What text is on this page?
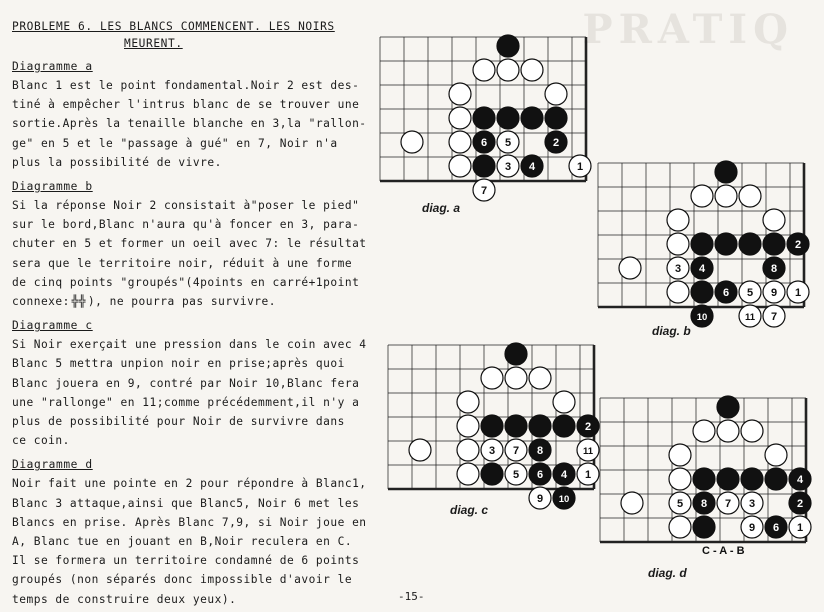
PRATIQ

PROBLEME 6. LES BLANCS COMMENCENT. LES NOIRS

MEURENT.

Diagramme a

Blanc 1 est le point fondamental.Noir 2 est des-

tiné à empêcher l'intrus blanc de se trouver une

sortie.Après la tenaille blanche en 3,la "rallon-

ge" en 5 et le "passage à gué" en 7, Noir n'a

plus la possibilité de vivre.

Diagramme b

Si la réponse Noir 2 consistait à"poser le pied"

sur le bord,Blanc n'aura qu'à foncer en 3, para-

chuter en 5 et former un oeil avec 7: le résultat

sera que le territoire noir, réduit à une forme

de cinq points "groupés"(4points en carré+1point

connexe: ╬╬ ), ne pourra pas survivre.

Diagramme c

Si Noir exerçait une pression dans le coin avec 4

Blanc 5 mettra unpion noir en prise;après quoi

Blanc jouera en 9, contré par Noir 10,Blanc fera

une "rallonge" en 11;comme précédemment,il n'y a

plus de possibilité pour Noir de survivre dans

ce coin.

Diagramme d

Noir fait une pointe en 2 pour répondre à Blanc1,

Blanc 3 attaque,ainsi que Blanc5, Noir 6 met les

Blancs en prise. Après Blanc 7,9, si Noir joue en

A, Blanc tue en jouant en B,Noir reculera en C.

Il se formera un territoire condamné de 6 points

groupés (non séparés donc impossible d'avoir le

temps de construire deux yeux).

6 5	2
3 4	1
7
diag. a
2
3 4	8
6 5 9 1
10	11 7
diag. b
2
3 7 8	11
5 6 4 1
9 10
diag. c
4
5 8 7 3	2
9 6 1
diag. d
C - A - B
-15-
